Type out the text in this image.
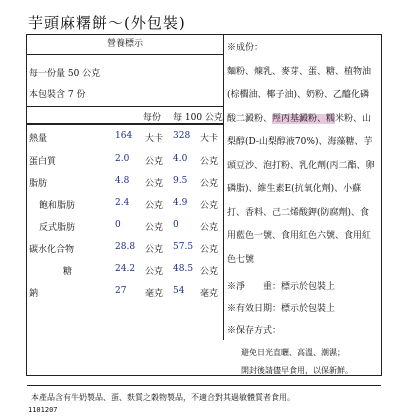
芋頭麻糬餅～(外包裝)
營養標示
每一份量 50 公克
本包裝含 7 份
每份 每 100 公克
熱量	164 大卡 328 大卡
蛋白質	2.0 公克 4.0 公克
脂肪	4.8 公克 9.5 公克
飽和脂肪	2.4 公克 4.9 公克
反式脂肪	0	公克 0 公克
碳水化合物	28.8 公克 57.5 公克
糖	24.2 公克 48.5 公克
鈉	27 毫克 54 毫克
※成份：
麵粉、煉乳、麥芽、蛋、糖、植物油(棕櫚油、椰子油)、奶粉、乙醯化磷酸二澱粉、羥丙基澱粉、糯米粉、山梨醇(D-山梨醇液70%)、海藻糖、芋頭豆沙、泡打粉、乳化劑(丙二酯、卵磷脂)、維生素E(抗氧化劑)、小蘇打、香料、己二烯酸鉀(防腐劑)、食用藍色一號、食用紅色六號、食用紅色七號
※淨　　重：標示於包裝上
※有效日期：標示於包裝上
※保存方式：
避免日光直曬、高溫、潮濕；
開封後請儘早食用，以保新鮮。
本產品含有牛奶製品、蛋、麩質之穀物製品，不適合對其過敏體質者食用。
1101207
